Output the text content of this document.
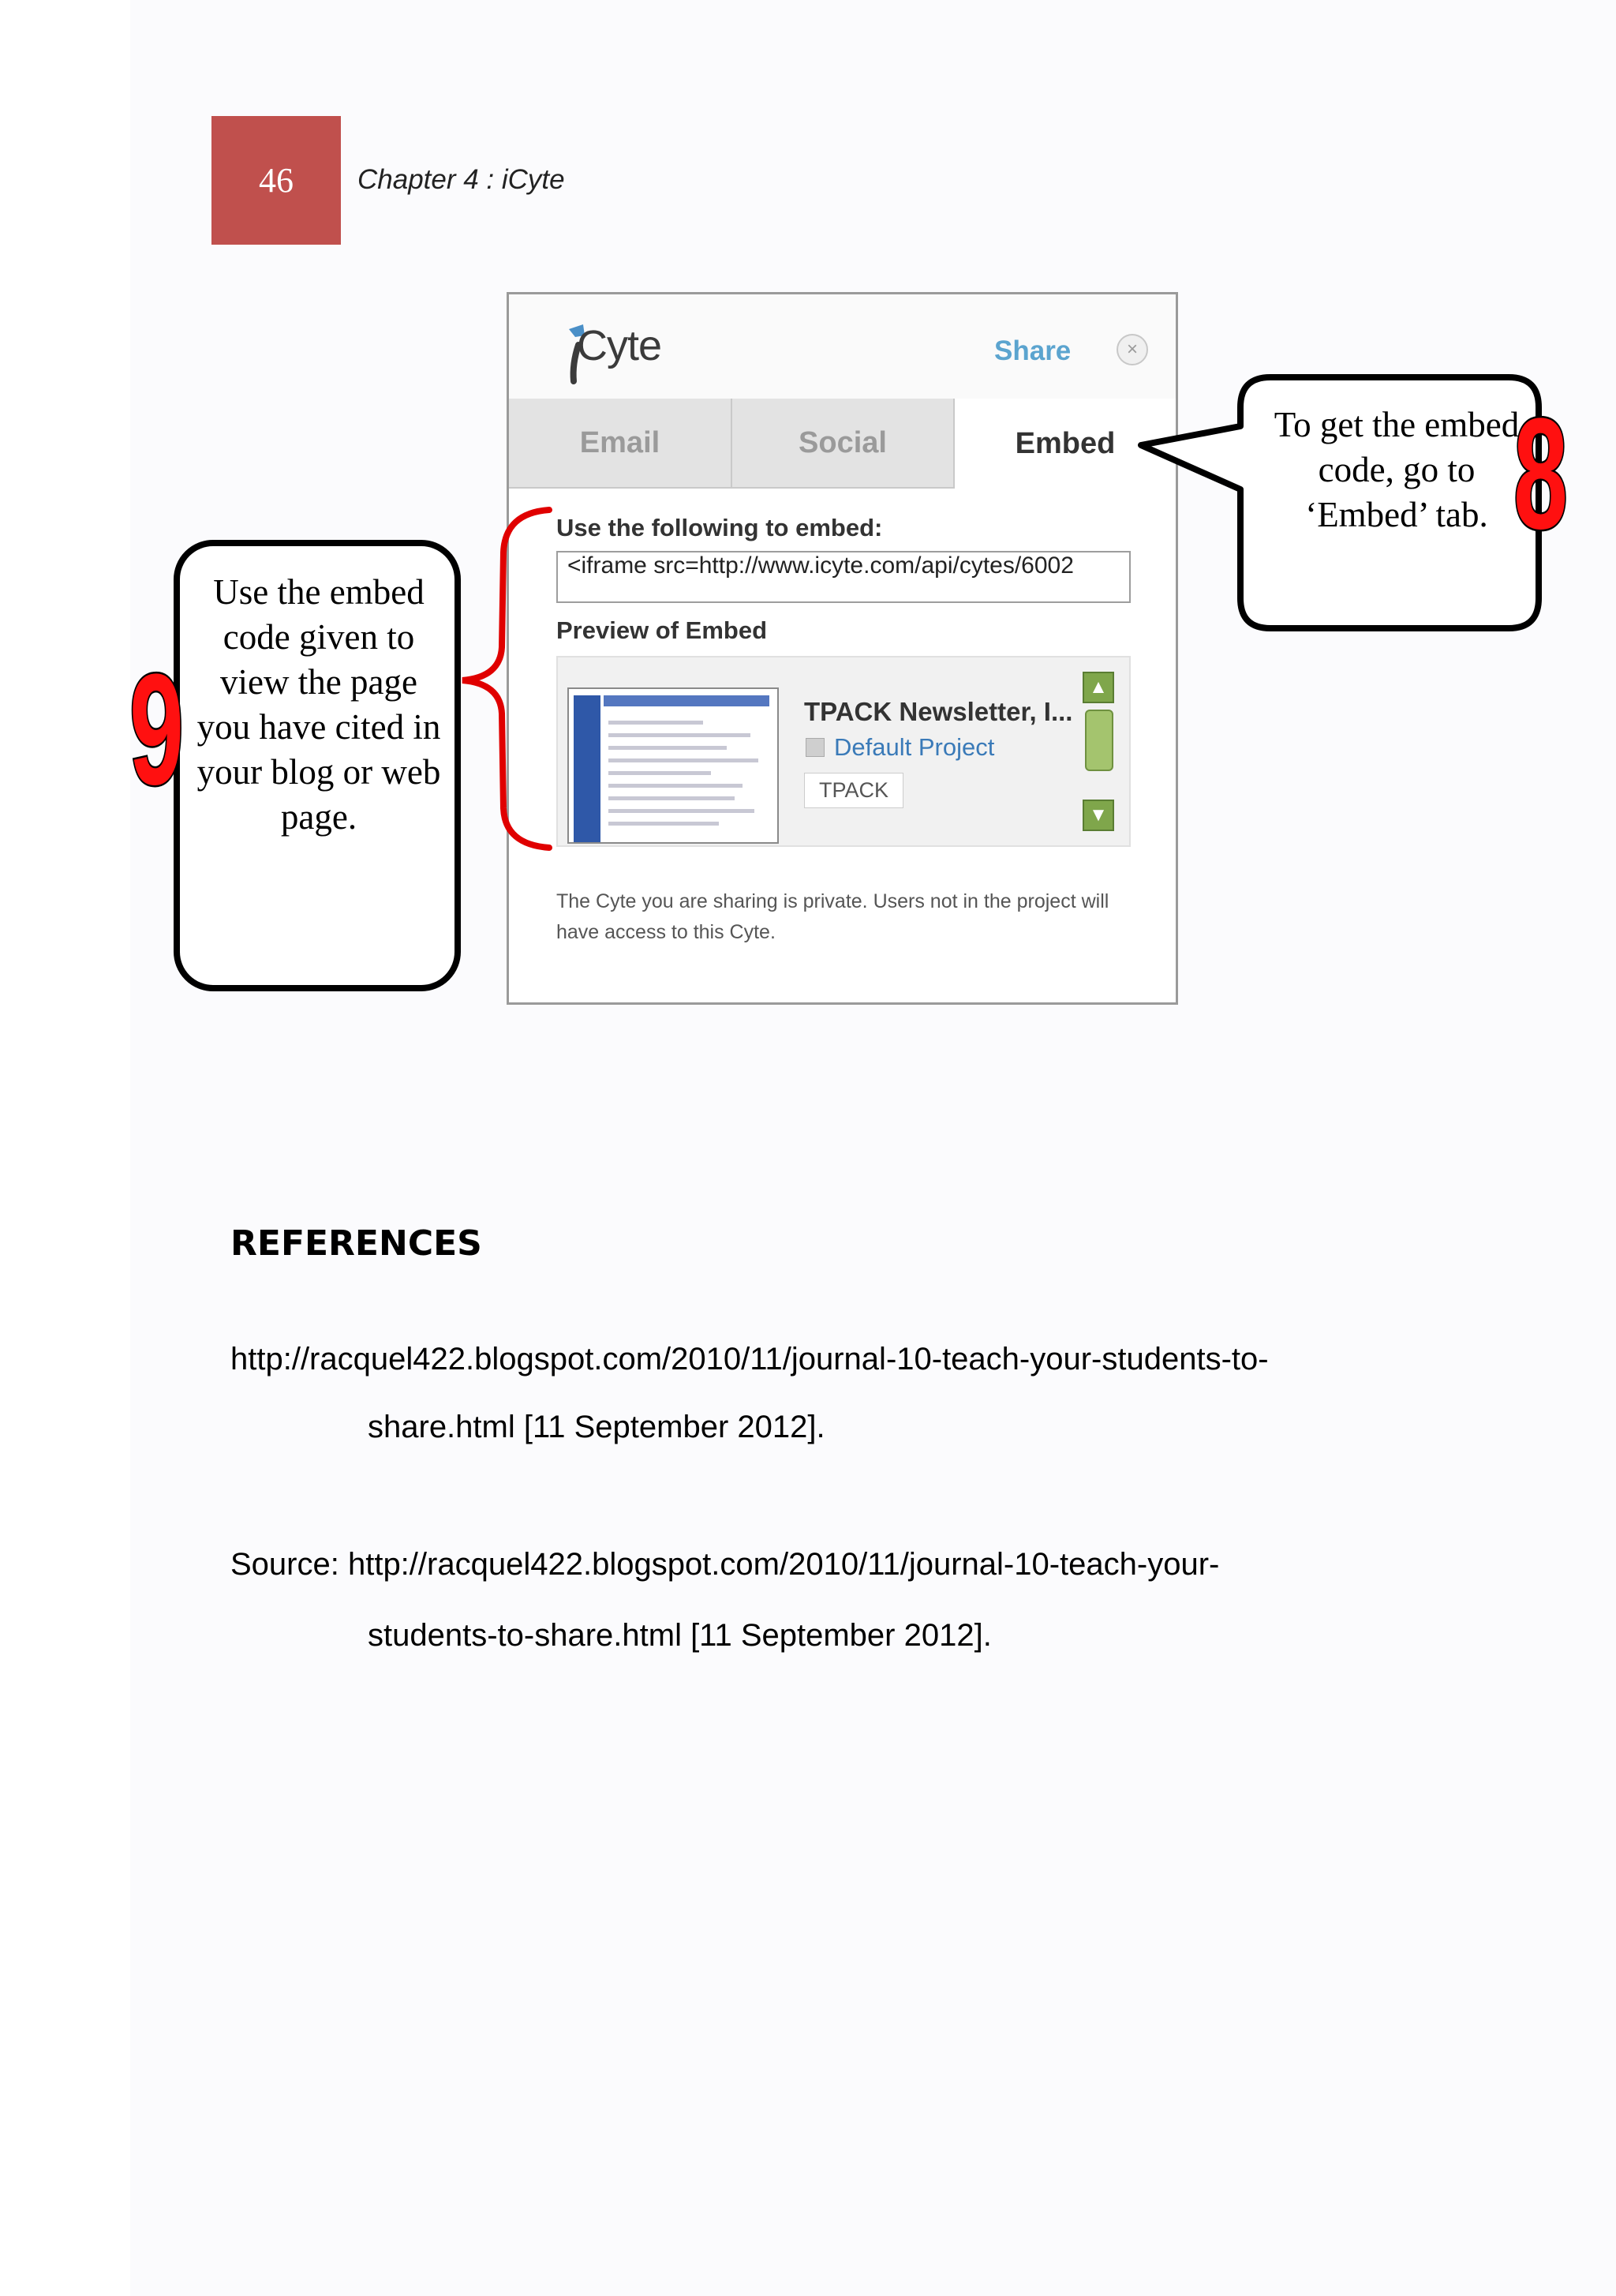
46	Chapter 4 : iCyte
Cyte	Share	×
Email	Social	Embed
Use the following to embed:
<iframe src=http://www.icyte.com/api/cytes/6002
Preview of Embed
TPACK Newsletter, I...
Default Project
TPACK
▲
▼
The Cyte you are sharing is private. Users not in the project will have access to this Cyte.
To get the embed code, go to ‘Embed’ tab.
Use the embed code given to view the page you have cited in your blog or web page.
8
9
REFERENCES
http://racquel422.blogspot.com/2010/11/journal-10-teach-your-students-to-
share.html [11 September 2012].
Source: http://racquel422.blogspot.com/2010/11/journal-10-teach-your-
students-to-share.html [11 September 2012].
